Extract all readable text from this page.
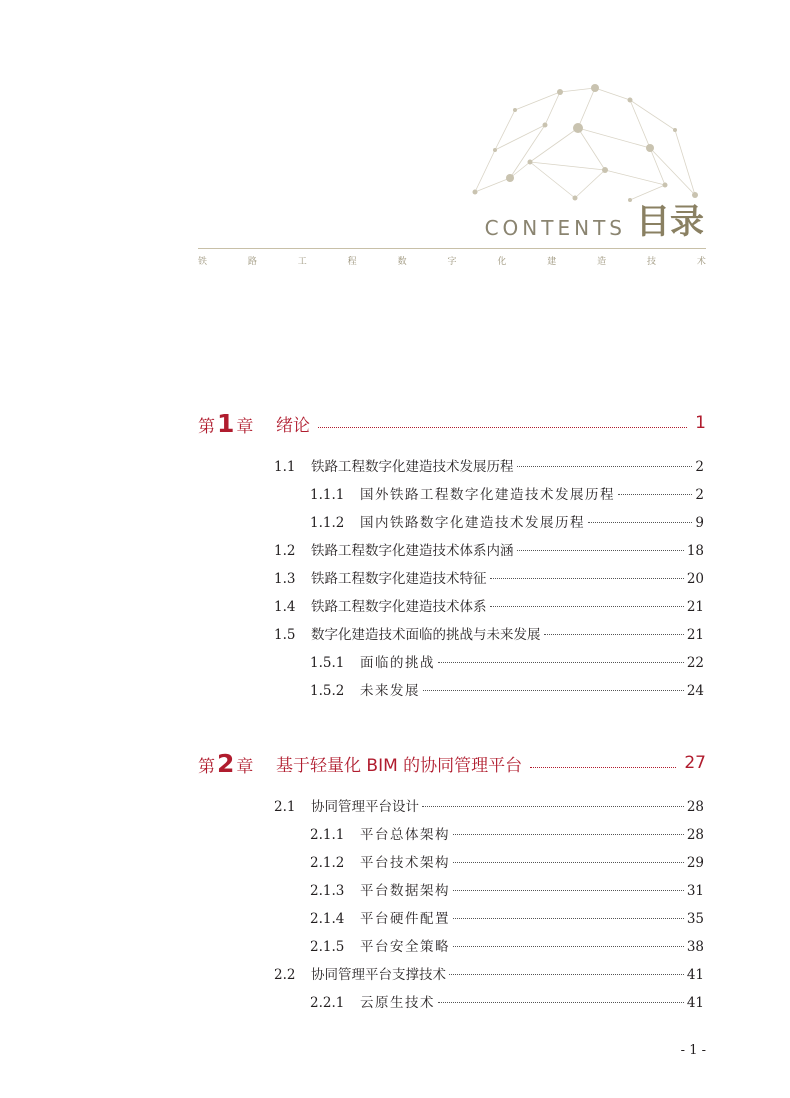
CONTENTS 目录
铁	路	工	程	数	字	化	建	造	技	术
第 1 章 绪论	1
1.1	铁路工程数字化建造技术发展历程	2
1.1.1	国外铁路工程数字化建造技术发展历程	2
1.1.2	国内铁路数字化建造技术发展历程	9
1.2	铁路工程数字化建造技术体系内涵	18
1.3	铁路工程数字化建造技术特征	20
1.4	铁路工程数字化建造技术体系	21
1.5	数字化建造技术面临的挑战与未来发展	21
1.5.1	面临的挑战	22
1.5.2	未来发展	24
第 2 章 基于轻量化 BIM 的协同管理平台	27
2.1	协同管理平台设计	28
2.1.1	平台总体架构	28
2.1.2	平台技术架构	29
2.1.3	平台数据架构	31
2.1.4	平台硬件配置	35
2.1.5	平台安全策略	38
2.2	协同管理平台支撑技术	41
2.2.1	云原生技术	41
- 1 -
